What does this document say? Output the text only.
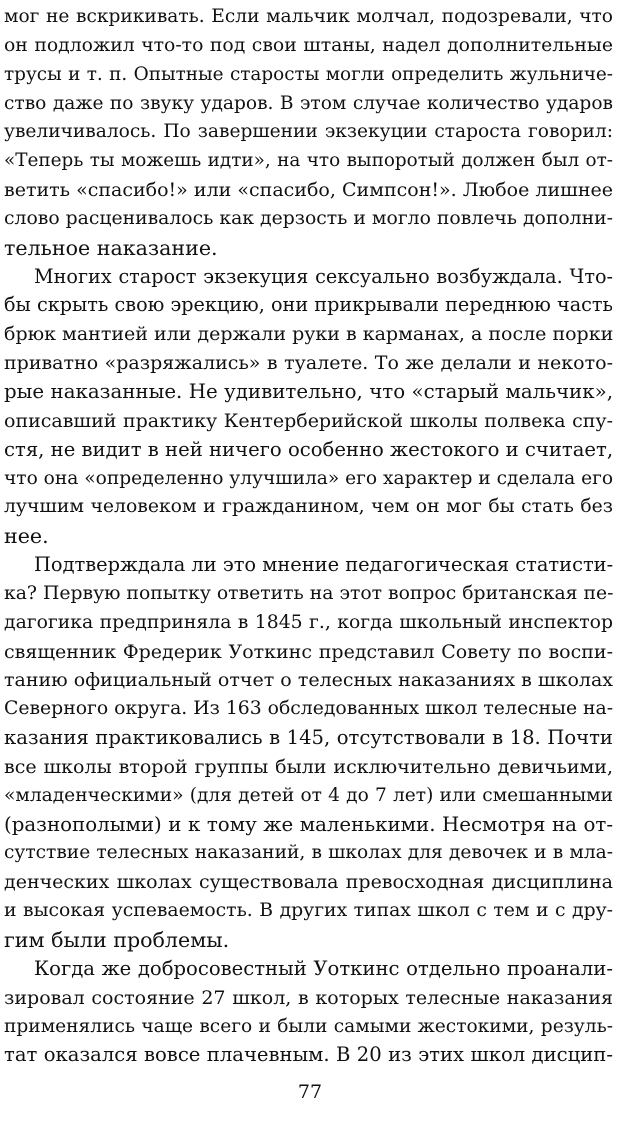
мог не вскрикивать. Если мальчик молчал, подозревали, что
он подложил что-то под свои штаны, надел дополнительные
трусы и т. п. Опытные старосты могли определить жульниче-
ство даже по звуку ударов. В этом случае количество ударов
увеличивалось. По завершении экзекуции староста говорил:
«Теперь ты можешь идти», на что выпоротый должен был от-
ветить «спасибо!» или «спасибо, Симпсон!». Любое лишнее
слово расценивалось как дерзость и могло повлечь дополни-
тельное наказание.
Многих старост экзекуция сексуально возбуждала. Что-
бы скрыть свою эрекцию, они прикрывали переднюю часть
брюк мантией или держали руки в карманах, а после порки
приватно «разряжались» в туалете. То же делали и некото-
рые наказанные. Не удивительно, что «старый мальчик»,
описавший практику Кентерберийской школы полвека спу-
стя, не видит в ней ничего особенно жестокого и считает,
что она «определенно улучшила» его характер и сделала его
лучшим человеком и гражданином, чем он мог бы стать без
нее.
Подтверждала ли это мнение педагогическая статисти-
ка? Первую попытку ответить на этот вопрос британская пе-
дагогика предприняла в 1845 г., когда школьный инспектор
священник Фредерик Уоткинс представил Совету по воспи-
танию официальный отчет о телесных наказаниях в школах
Северного округа. Из 163 обследованных школ телесные на-
казания практиковались в 145, отсутствовали в 18. Почти
все школы второй группы были исключительно девичьими,
«младенческими» (для детей от 4 до 7 лет) или смешанными
(разнополыми) и к тому же маленькими. Несмотря на от-
сутствие телесных наказаний, в школах для девочек и в мла-
денческих школах существовала превосходная дисциплина
и высокая успеваемость. В других типах школ с тем и с дру-
гим были проблемы.
Когда же добросовестный Уоткинс отдельно проанали-
зировал состояние 27 школ, в которых телесные наказания
применялись чаще всего и были самыми жестокими, резуль-
тат оказался вовсе плачевным. В 20 из этих школ дисцип-
77
